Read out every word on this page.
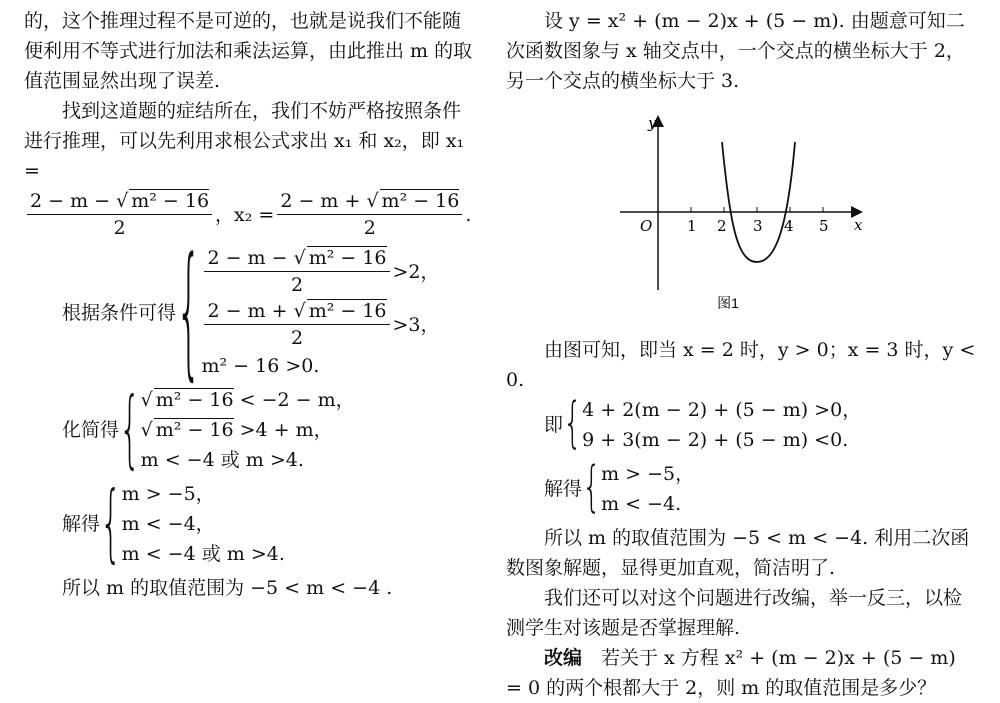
的，这个推理过程不是可逆的，也就是说我们不能随便利用不等式进行加法和乘法运算，由此推出 m 的取值范围显然出现了误差.

找到这道题的症结所在，我们不妨严格按照条件进行推理，可以先利用求根公式求出 x₁ 和 x₂，即 x₁ =

$\frac{\text{2 − m − √ m² − 16}}{2}$ ，$x_2 = \frac{\text{2 − m + √ m² − 16}}{2}$ .
根据条件可得 { $\frac{\text{2 − m − √ m² − 16}}{2} >2$，
$\frac{\text{2 − m + √ m² − 16}}{2} >3$，
m² − 16 >0.
化简得 { √ m² − 16 < −2 − m，
√ m² − 16 >4 + m，
m < −4 或 m >4.
解得 { m > −5，
m < −4，
m < −4 或 m >4.

所以 m 的取值范围为 −5 < m < −4 .

设 y = x² + (m − 2)x + (5 − m). 由题意可知二次函数图象与 x 轴交点中，一个交点的横坐标大于 2，另一个交点的横坐标大于 3.

y
x
O 1 2 3 4 5
图1

由图可知，即当 x = 2 时，y > 0；x = 3 时，y < 0.

即 { 4 + 2(m − 2) + (5 − m) >0，
9 + 3(m − 2) + (5 − m) <0.
解得 { m > −5，
m < −4.

所以 m 的取值范围为 −5 < m < −4. 利用二次函数图象解题，显得更加直观，简洁明了.

我们还可以对这个问题进行改编，举一反三，以检测学生对该题是否掌握理解.

改编　若关于 x 方程 x² + (m − 2)x + (5 − m) = 0 的两个根都大于 2，则 m 的取值范围是多少？
